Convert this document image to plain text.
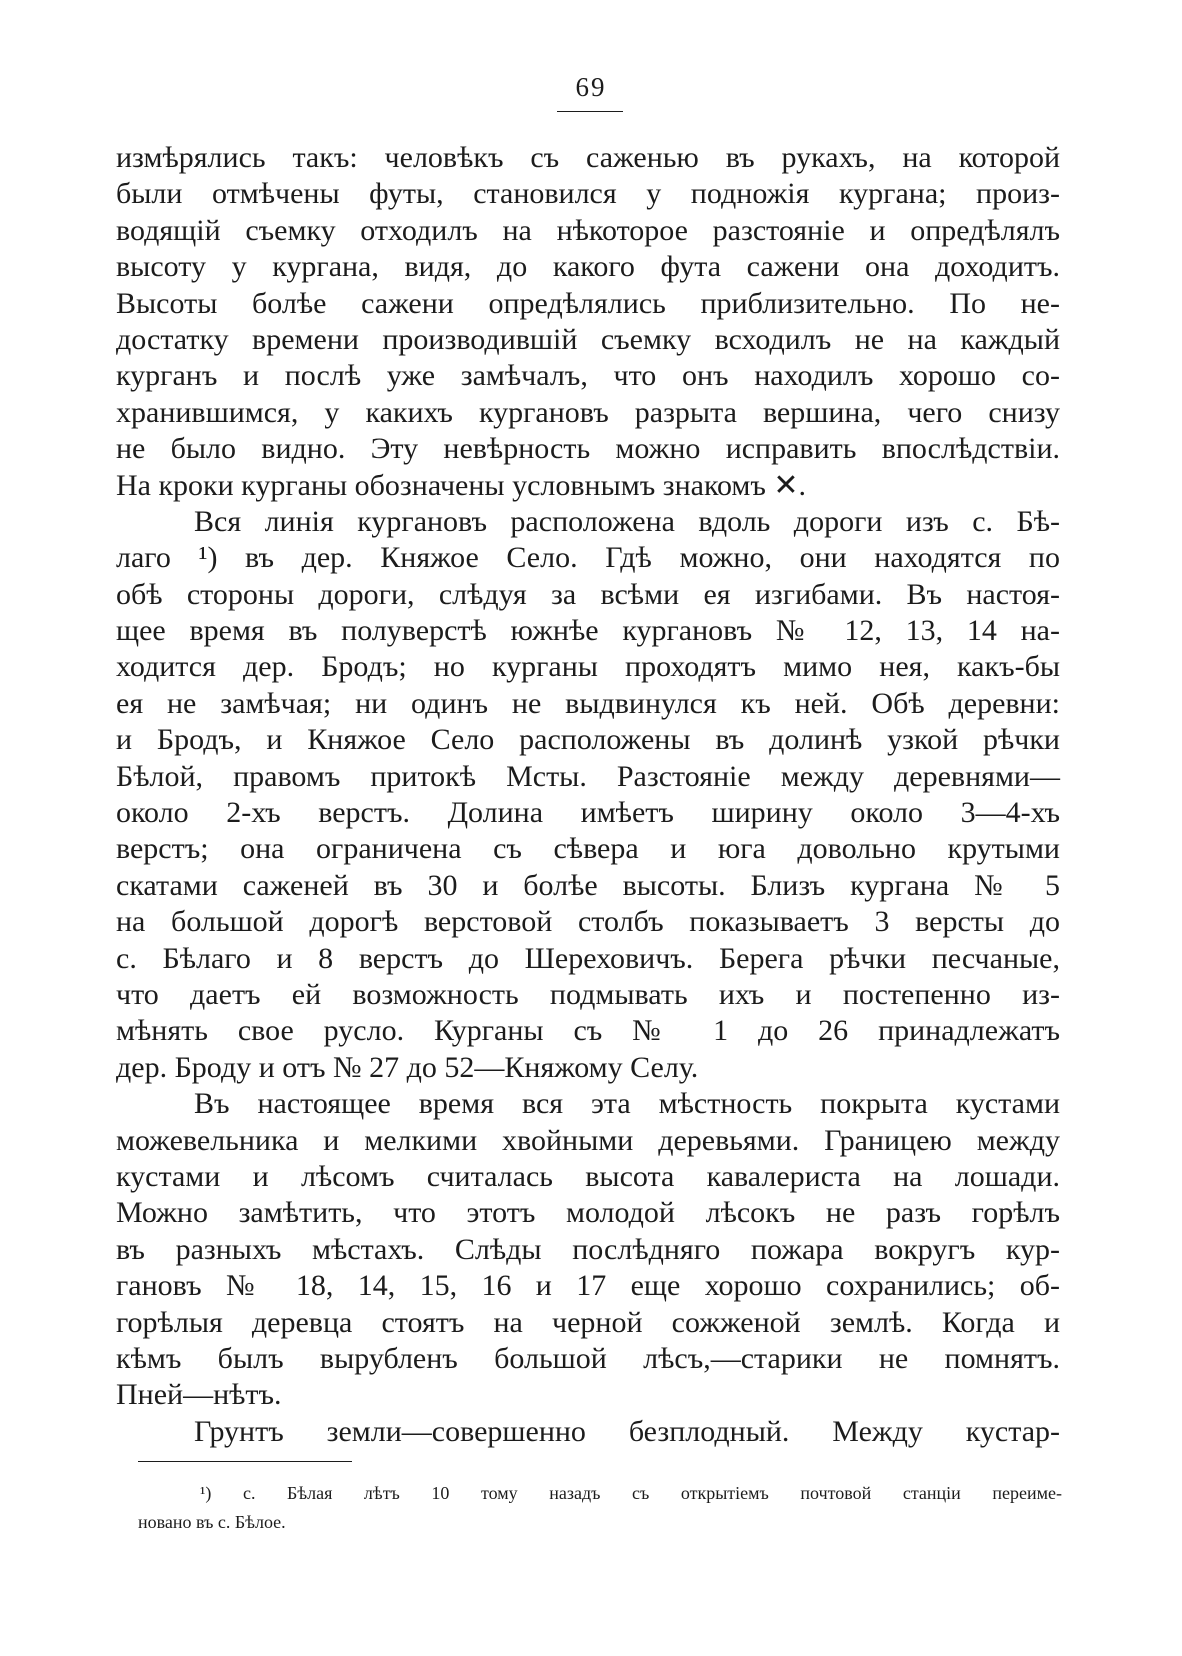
69
измѣрялись такъ: человѣкъ съ саженью въ рукахъ, на которой
были отмѣчены футы, становился у подножія кургана; произ-
водящій съемку отходилъ на нѣкоторое разстояніе и опредѣлялъ
высоту у кургана, видя, до какого фута сажени она доходитъ.
Высоты болѣе сажени опредѣлялись приблизительно. По не-
достатку времени производившій съемку всходилъ не на каждый
курганъ и послѣ уже замѣчалъ, что онъ находилъ хорошо со-
хранившимся, у какихъ кургановъ разрыта вершина, чего снизу
не было видно. Эту невѣрность можно исправить впослѣдствіи.
На кроки курганы обозначены условнымъ знакомъ ✕.
Вся линія кургановъ расположена вдоль дороги изъ с. Бѣ-
лаго ¹) въ дер. Княжое Село. Гдѣ можно, они находятся по
обѣ стороны дороги, слѣдуя за всѣми ея изгибами. Въ настоя-
щее время въ полуверстѣ южнѣе кургановъ № 12, 13, 14 на-
ходится дер. Бродъ; но курганы проходятъ мимо нея, какъ-бы
ея не замѣчая; ни одинъ не выдвинулся къ ней. Обѣ деревни:
и Бродъ, и Княжое Село расположены въ долинѣ узкой рѣчки
Бѣлой, правомъ притокѣ Мсты. Разстояніе между деревнями—
около 2-хъ верстъ. Долина имѣетъ ширину около 3—4-хъ
верстъ; она ограничена съ сѣвера и юга довольно крутыми
скатами саженей въ 30 и болѣе высоты. Близъ кургана № 5
на большой дорогѣ верстовой столбъ показываетъ 3 версты до
с. Бѣлаго и 8 верстъ до Шереховичъ. Берега рѣчки песчаные,
что даетъ ей возможность подмывать ихъ и постепенно из-
мѣнять свое русло. Курганы съ № 1 до 26 принадлежатъ
дер. Броду и отъ № 27 до 52—Княжому Селу.
Въ настоящее время вся эта мѣстность покрыта кустами
можевельника и мелкими хвойными деревьями. Границею между
кустами и лѣсомъ считалась высота кавалериста на лошади.
Можно замѣтить, что этотъ молодой лѣсокъ не разъ горѣлъ
въ разныхъ мѣстахъ. Слѣды послѣдняго пожара вокругъ кур-
гановъ № 18, 14, 15, 16 и 17 еще хорошо сохранились; об-
горѣлыя деревца стоятъ на черной сожженой землѣ. Когда и
кѣмъ былъ вырубленъ большой лѣсъ,—старики не помнятъ.
Пней—нѣтъ.
Грунтъ земли—совершенно безплодный. Между кустар-
¹) с. Бѣлая лѣтъ 10 тому назадъ съ открытіемъ почтовой станціи переиме-
новано въ с. Бѣлое.
